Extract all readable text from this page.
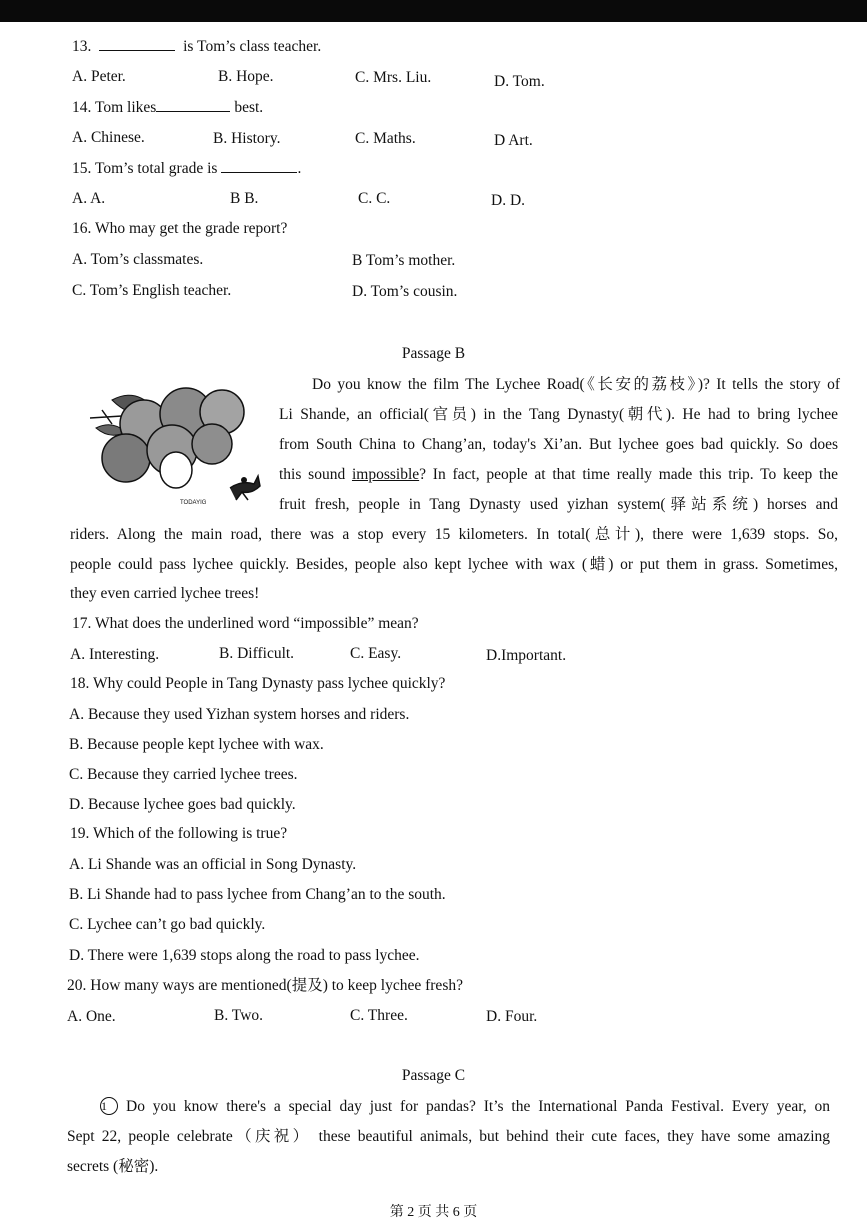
13.	is Tom’s class teacher.
A. Peter.	B. Hope.	C. Mrs. Liu.	D. Tom.
14. Tom likes	best.
A. Chinese.	B. History.	C. Maths.	D Art.
15. Tom’s total grade is	.
A. A.	B B.	C. C.	D. D.
16. Who may get the grade report?
A. Tom’s classmates.	B Tom’s mother.
C. Tom’s English teacher.	D. Tom’s cousin.
Passage B
TODAYIG
Do you know the film The Lychee Road(《长安的荔枝》)? It tells the story of
Li Shande, an official(官员) in the Tang Dynasty(朝代). He had to bring lychee
from South China to Chang’an, today's Xi’an. But lychee goes bad quickly. So does
this sound impossible? In fact, people at that time really made this trip. To keep the
fruit fresh, people in Tang Dynasty used yizhan system(驿站系统) horses and
riders. Along the main road, there was a stop every 15 kilometers. In total(总计), there were 1,639 stops. So,
people could pass lychee quickly. Besides, people also kept lychee with wax (蜡) or put them in grass. Sometimes,
they even carried lychee trees!
17. What does the underlined word “impossible” mean?
A. Interesting.	B. Difficult.	C. Easy.	D.Important.
18. Why could People in Tang Dynasty pass lychee quickly?
A. Because they used Yizhan system horses and riders.
B. Because people kept lychee with wax.
C. Because they carried lychee trees.
D. Because lychee goes bad quickly.
19. Which of the following is true?
A. Li Shande was an official in Song Dynasty.
B. Li Shande had to pass lychee from Chang’an to the south.
C. Lychee can’t go bad quickly.
D. There were 1,639 stops along the road to pass lychee.
20. How many ways are mentioned(提及) to keep lychee fresh?
A. One.	B. Two.	C. Three.	D. Four.
Passage C
1 Do you know there's a special day just for pandas? It’s the International Panda Festival. Every year, on
Sept 22, people celebrate（庆祝） these beautiful animals, but behind their cute faces, they have some amazing
secrets (秘密).
第 2 页 共 6 页
